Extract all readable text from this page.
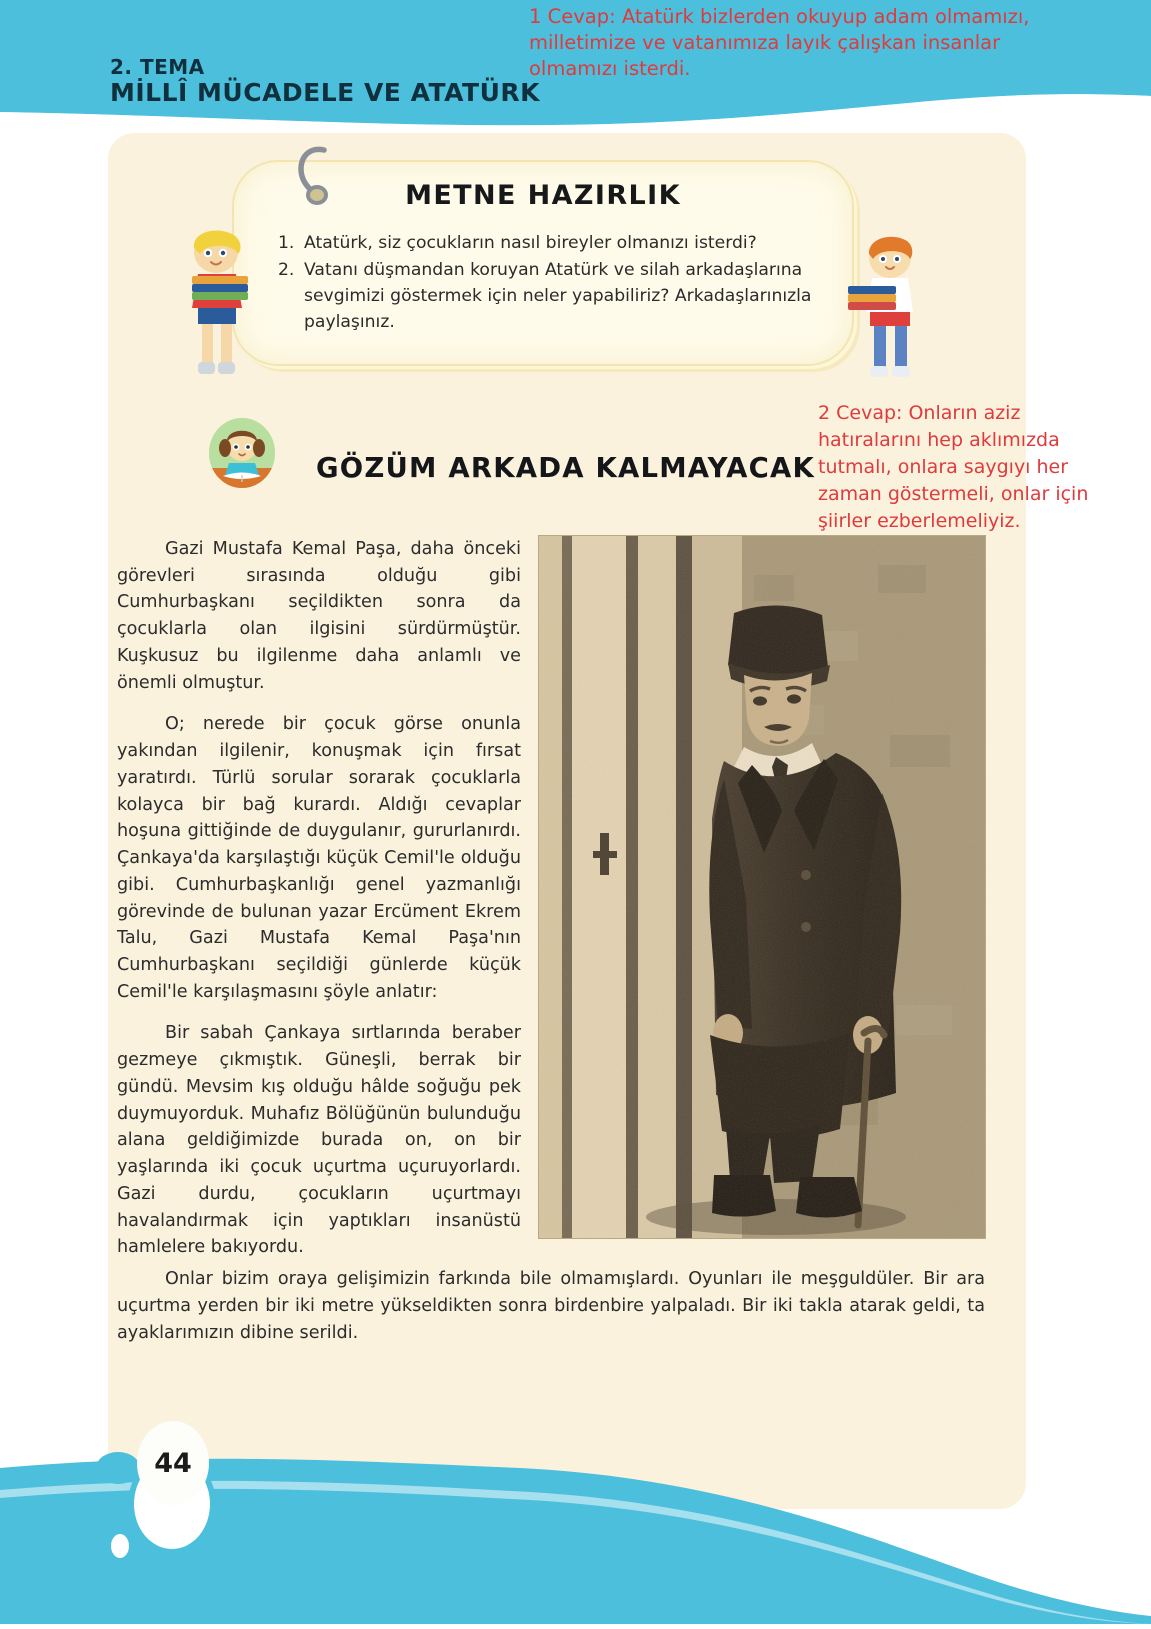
2. TEMA
MİLLÎ MÜCADELE VE ATATÜRK
1 Cevap: Atatürk bizlerden okuyup adam olmamızı, milletimize ve vatanımıza layık çalışkan insanlar olmamızı isterdi.
2 Cevap: Onların aziz hatıralarını hep aklımızda tutmalı, onlara saygıyı her zaman göstermeli, onlar için şiirler ezberlemeliyiz.
METNE HAZIRLIK
1. Atatürk, siz çocukların nasıl bireyler olmanızı isterdi?
2. Vatanı düşmandan koruyan Atatürk ve silah arkadaşlarına sevgimizi göstermek için neler yapabiliriz? Arkadaşlarınızla paylaşınız.
GÖZÜM ARKADA KALMAYACAK

Gazi Mustafa Kemal Paşa, daha önceki görevleri sırasında olduğu gibi Cumhurbaşkanı seçildikten sonra da çocuklarla olan ilgisini sürdürmüştür. Kuşkusuz bu ilgilenme daha anlamlı ve önemli olmuştur.

O; nerede bir çocuk görse onunla yakından ilgilenir, konuşmak için fırsat yaratırdı. Türlü sorular sorarak çocuklarla kolayca bir bağ kurardı. Aldığı cevaplar hoşuna gittiğinde de duygulanır, gururlanırdı. Çankaya'da karşılaştığı küçük Cemil'le olduğu gibi. Cumhurbaşkanlığı genel yazmanlığı görevinde de bulunan yazar Ercüment Ekrem Talu, Gazi Mustafa Kemal Paşa'nın Cumhurbaşkanı seçildiği günlerde küçük Cemil'le karşılaşmasını şöyle anlatır:

Bir sabah Çankaya sırtlarında beraber gezmeye çıkmıştık. Güneşli, berrak bir gündü. Mevsim kış olduğu hâlde soğuğu pek duymuyorduk. Muhafız Bölüğünün bulunduğu alana geldiğimizde burada on, on bir yaşlarında iki çocuk uçurtma uçuruyorlardı. Gazi durdu, çocukların uçurtmayı havalandırmak için yaptıkları insanüstü hamlelere bakıyordu.

Onlar bizim oraya gelişimizin farkında bile olmamışlardı. Oyunları ile meşguldüler. Bir ara uçurtma yerden bir iki metre yükseldikten sonra birdenbire yalpaladı. Bir iki takla atarak geldi, ta ayaklarımızın dibine serildi.

44
